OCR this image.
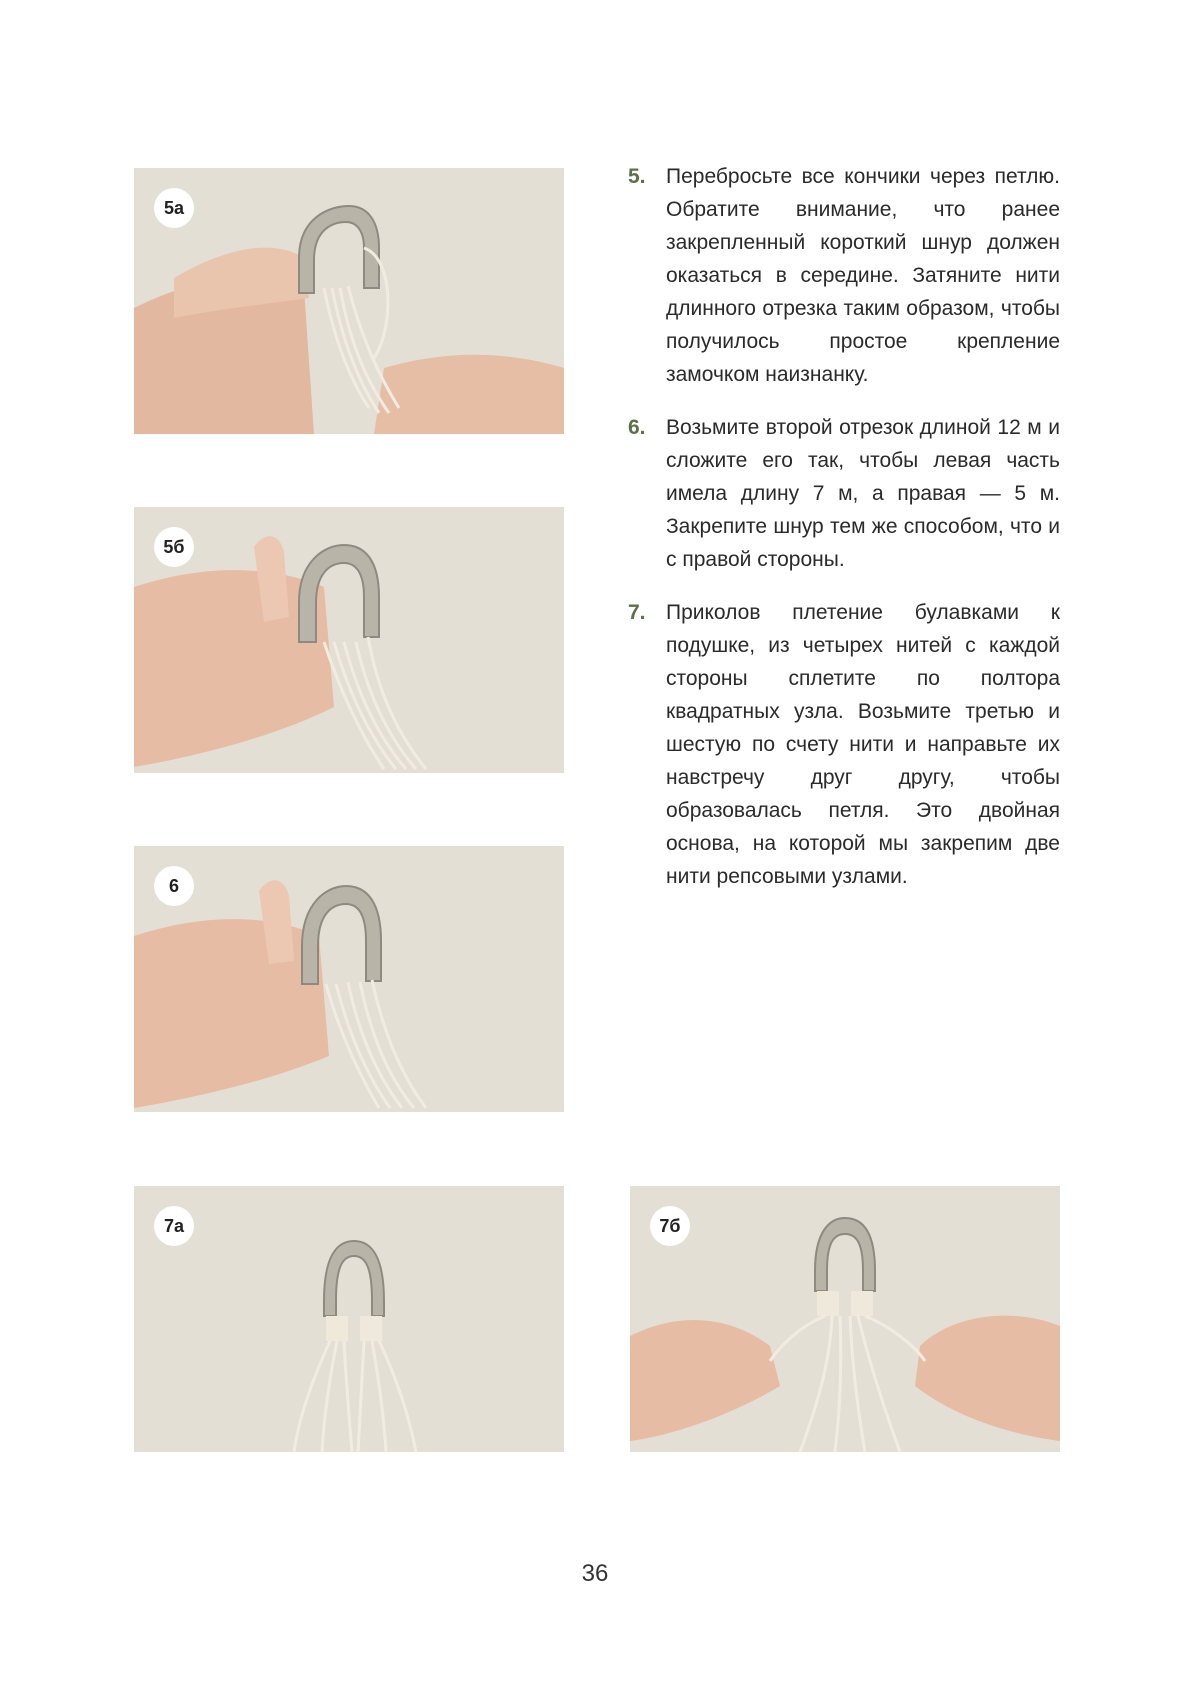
5а
5б
6
5. Перебросьте все кончики через петлю. Обратите внимание, что ранее закрепленный короткий шнур должен оказаться в середине. Затяните нити длинного отрезка таким образом, чтобы получилось простое крепление замочком наизнанку.
6. Возьмите второй отрезок длиной 12 м и сложите его так, чтобы левая часть имела длину 7 м, а правая — 5 м. Закрепите шнур тем же способом, что и с правой стороны.
7. Приколов плетение булавками к подушке, из четырех нитей с каждой стороны сплетите по полтора квадратных узла. Возьмите третью и шестую по счету нити и направьте их навстречу друг другу, чтобы образовалась петля. Это двойная основа, на которой мы закрепим две нити репсовыми узлами.
7а	7б
36
